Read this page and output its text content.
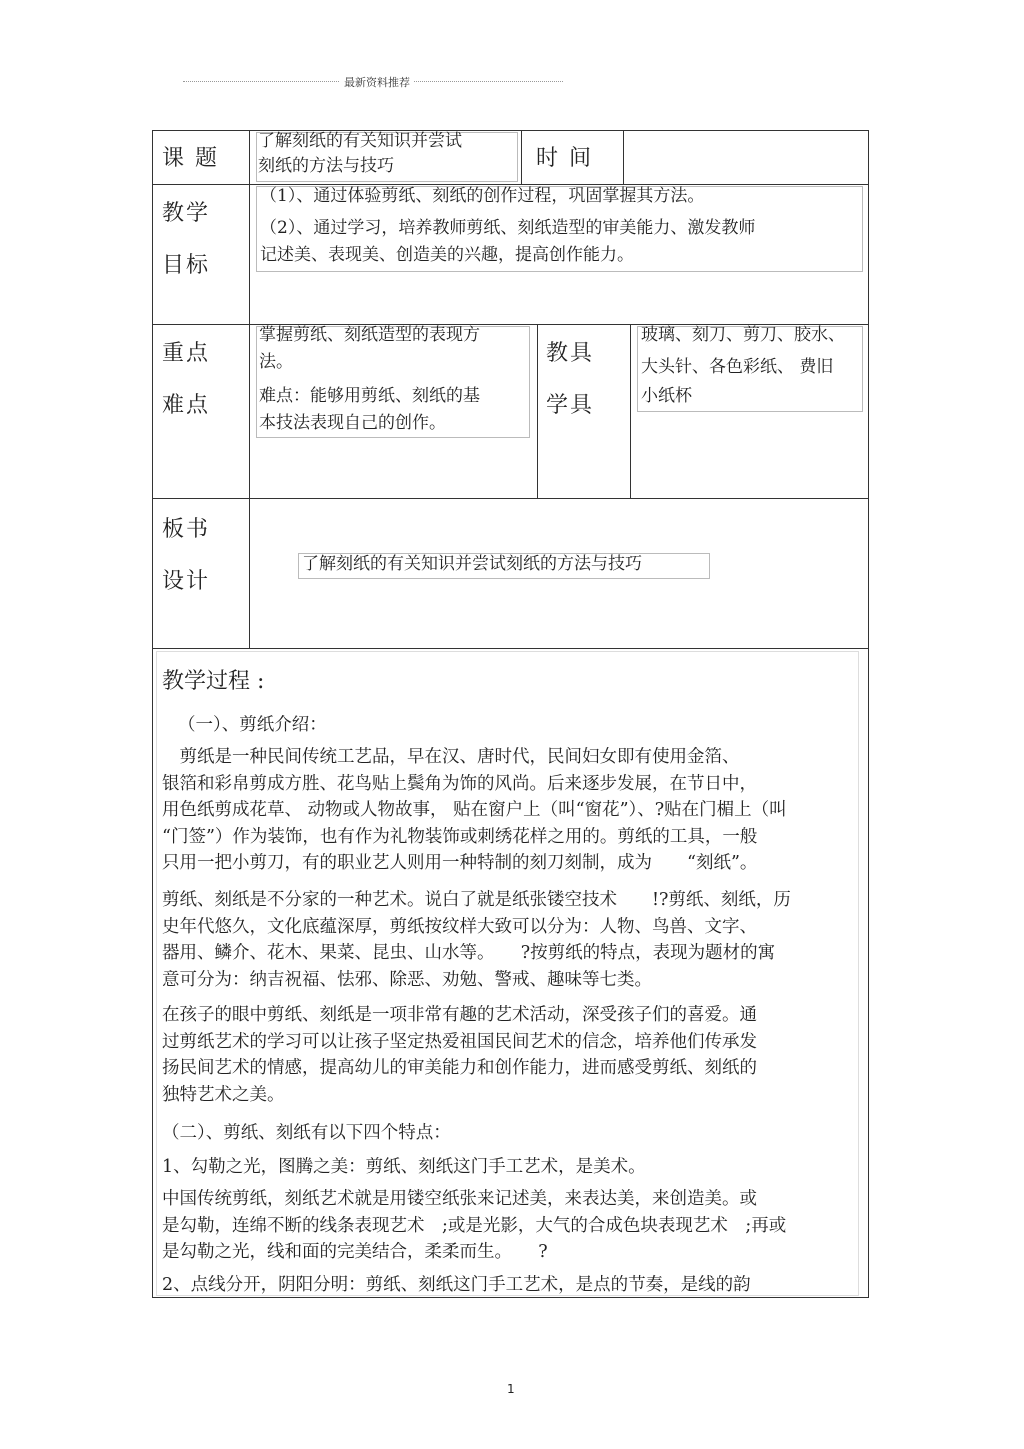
最新资料推荐
课 题
了解刻纸的有关知识并尝试
刻纸的方法与技巧	时 间
教学
目标
（1）、通过体验剪纸、刻纸的创作过程，巩固掌握其方法。
（2）、通过学习，培养教师剪纸、刻纸造型的审美能力、激发教师
记述美、表现美、创造美的兴趣，提高创作能力。
重点
难点
掌握剪纸、刻纸造型的表现方
法。
难点：能够用剪纸、刻纸的基
本技法表现自己的创作。
教具
学具
玻璃、刻刀、剪刀、胶水、
大头针、各色彩纸、 费旧
小纸杯
板书
设计
了解刻纸的有关知识并尝试刻纸的方法与技巧
教学过程 :
（一）、剪纸介绍：
　剪纸是一种民间传统工艺品，早在汉、唐时代，民间妇女即有使用金箔、
银箔和彩帛剪成方胜、花鸟贴上鬓角为饰的风尚。后来逐步发展，在节日中，
用色纸剪成花草、 动物或人物故事， 贴在窗户上（叫“窗花”）、?贴在门楣上（叫
“门签”）作为装饰，也有作为礼物装饰或刺绣花样之用的。剪纸的工具，一般
只用一把小剪刀，有的职业艺人则用一种特制的刻刀刻制，成为　　“刻纸”。
剪纸、刻纸是不分家的一种艺术。说白了就是纸张镂空技术　　!?剪纸、刻纸，历
史年代悠久，文化底蕴深厚，剪纸按纹样大致可以分为：人物、鸟兽、文字、
器用、鳞介、花木、果菜、昆虫、山水等。　　?按剪纸的特点，表现为题材的寓
意可分为：纳吉祝福、怯邪、除恶、劝勉、警戒、趣味等七类。
在孩子的眼中剪纸、刻纸是一项非常有趣的艺术活动，深受孩子们的喜爱。通
过剪纸艺术的学习可以让孩子坚定热爱祖国民间艺术的信念，培养他们传承发
扬民间艺术的情感，提高幼儿的审美能力和创作能力，进而感受剪纸、刻纸的
独特艺术之美。
（二）、剪纸、刻纸有以下四个特点：
1、勾勒之光，图腾之美：剪纸、刻纸这门手工艺术，是美术。
中国传统剪纸，刻纸艺术就是用镂空纸张来记述美，来表达美，来创造美。或
是勾勒，连绵不断的线条表现艺术　;或是光影，大气的合成色块表现艺术　;再或
是勾勒之光，线和面的完美结合，柔柔而生。　　?
2、点线分开，阴阳分明：剪纸、刻纸这门手工艺术，是点的节奏，是线的韵
1
